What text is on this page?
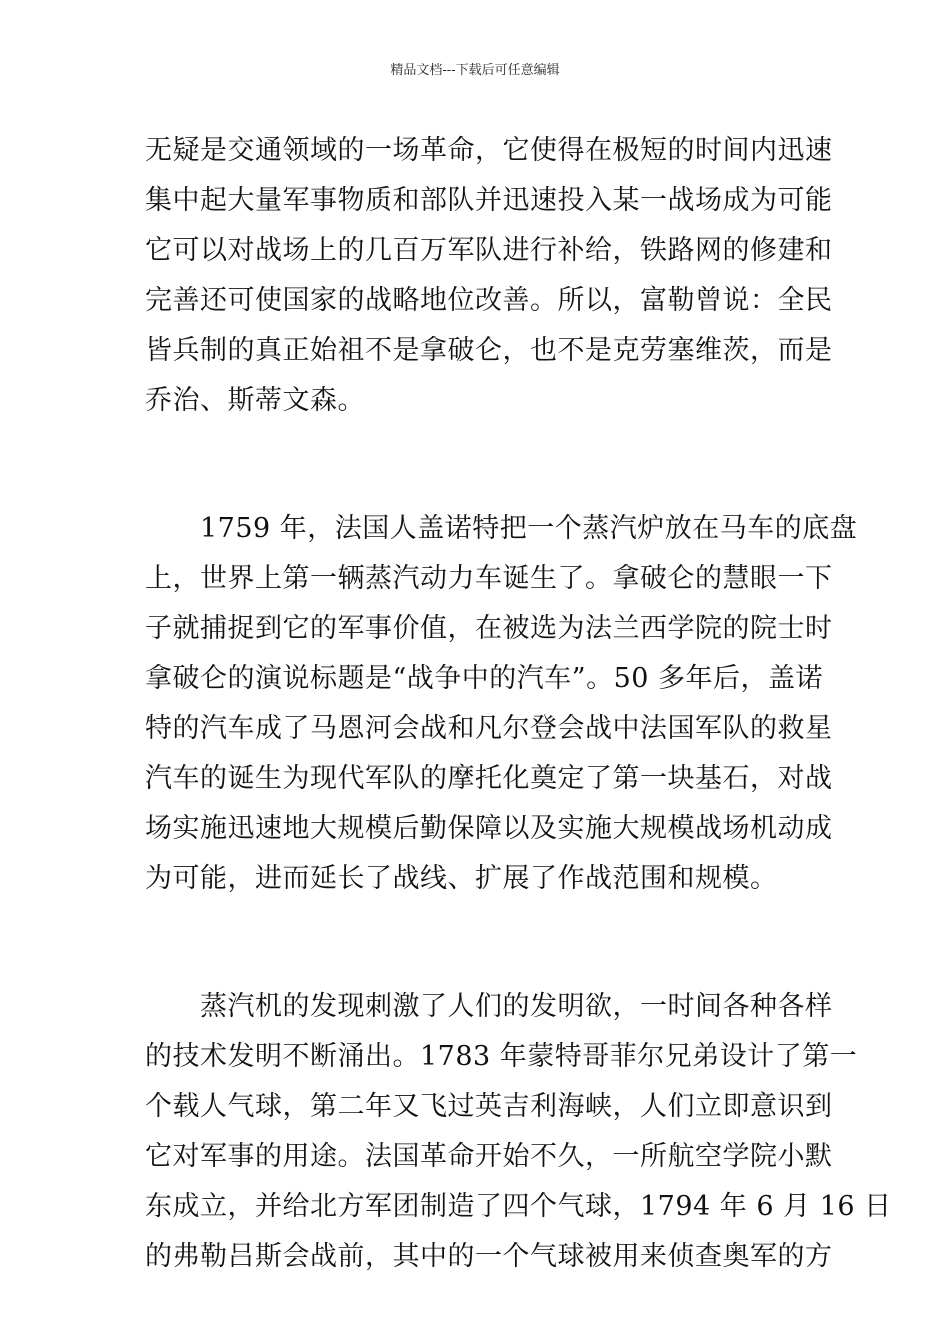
精品文档---下载后可任意编辑
无疑是交通领域的一场革命，它使得在极短的时间内迅速
集中起大量军事物质和部队并迅速投入某一战场成为可能
它可以对战场上的几百万军队进行补给，铁路网的修建和
完善还可使国家的战略地位改善。所以，富勒曾说：全民
皆兵制的真正始祖不是拿破仑，也不是克劳塞维茨，而是
乔治、斯蒂文森。
　　1759 年，法国人盖诺特把一个蒸汽炉放在马车的底盘
上，世界上第一辆蒸汽动力车诞生了。拿破仑的慧眼一下
子就捕捉到它的军事价值，在被选为法兰西学院的院士时
拿破仑的演说标题是“战争中的汽车”。50 多年后，盖诺
特的汽车成了马恩河会战和凡尔登会战中法国军队的救星
汽车的诞生为现代军队的摩托化奠定了第一块基石，对战
场实施迅速地大规模后勤保障以及实施大规模战场机动成
为可能，进而延长了战线、扩展了作战范围和规模。
　　蒸汽机的发现刺激了人们的发明欲，一时间各种各样
的技术发明不断涌出。1783 年蒙特哥菲尔兄弟设计了第一
个载人气球，第二年又飞过英吉利海峡，人们立即意识到
它对军事的用途。法国革命开始不久，一所航空学院小默
东成立，并给北方军团制造了四个气球，1794 年 6 月 16 日
的弗勒吕斯会战前，其中的一个气球被用来侦查奥军的方
